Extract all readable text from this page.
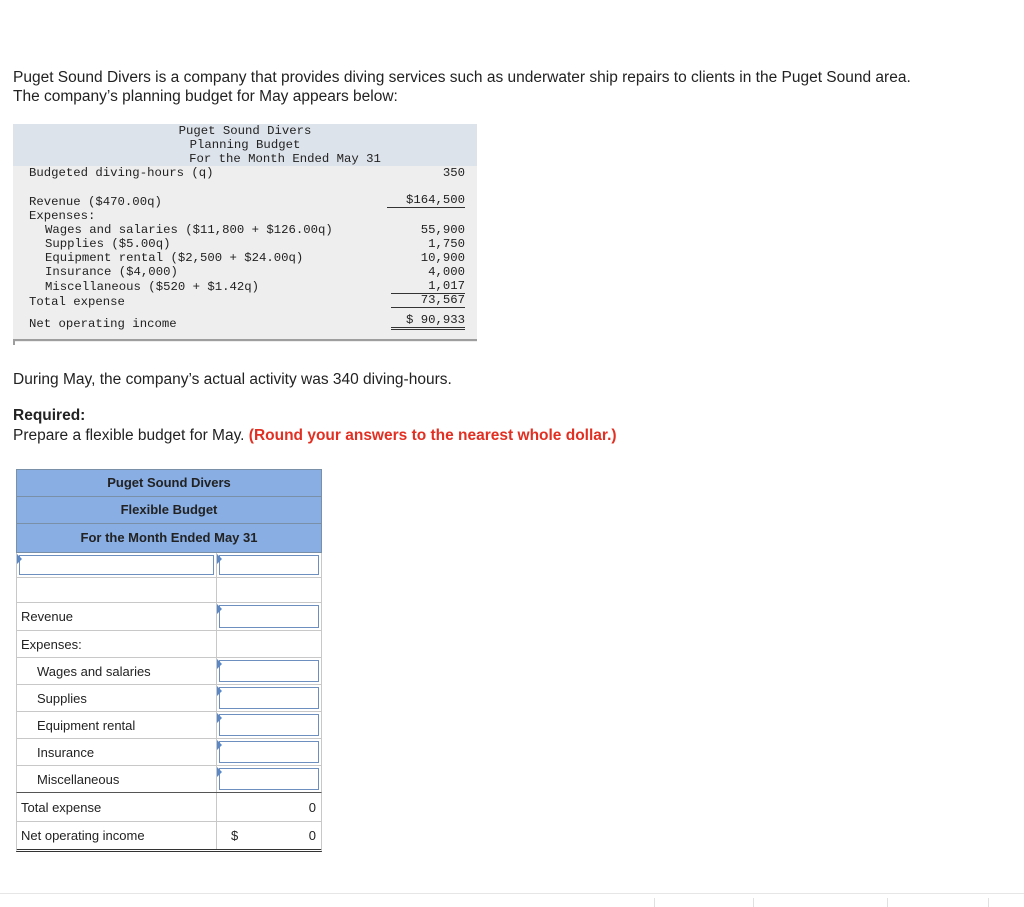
Puget Sound Divers is a company that provides diving services such as underwater ship repairs to clients in the Puget Sound area.
The company’s planning budget for May appears below:
Puget Sound Divers
Planning Budget
For the Month Ended May 31
Budgeted diving-hours (q)	350
Revenue ($470.00q)	$164,500
Expenses:
Wages and salaries ($11,800 + $126.00q)	55,900
Supplies ($5.00q)	1,750
Equipment rental ($2,500 + $24.00q)	10,900
Insurance ($4,000)	4,000
Miscellaneous ($520 + $1.42q)	1,017
Total expense	73,567
Net operating income	$ 90,933
During May, the company’s actual activity was 340 diving-hours.
Required:
Prepare a flexible budget for May. (Round your answers to the nearest whole dollar.)
Puget Sound Divers
Flexible Budget
For the Month Ended May 31
Revenue
Expenses:
Wages and salaries
Supplies
Equipment rental
Insurance
Miscellaneous
Total expense	0
Net operating income	$	0
